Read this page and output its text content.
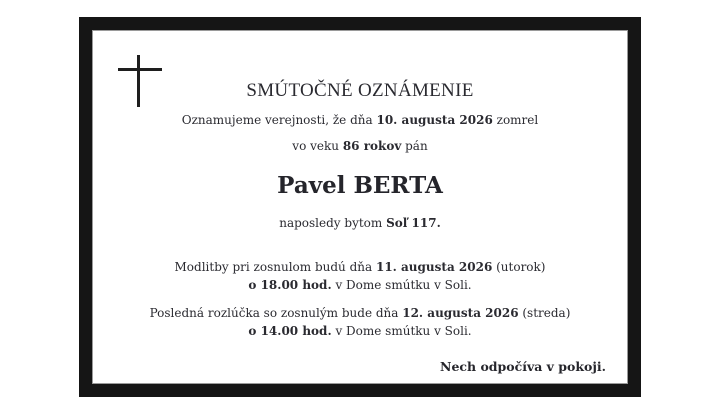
SMÚTOČNÉ OZNÁMENIE
Oznamujeme verejnosti, že dňa 10. augusta 2026 zomrel
vo veku 86 rokov pán
Pavel BERTA
naposledy bytom Soľ 117.
Modlitby pri zosnulom budú dňa 11. augusta 2026 (utorok)
o 18.00 hod. v Dome smútku v Soli.
Posledná rozlúčka so zosnulým bude dňa 12. augusta 2026 (streda)
o 14.00 hod. v Dome smútku v Soli.
Nech odpočíva v pokoji.
